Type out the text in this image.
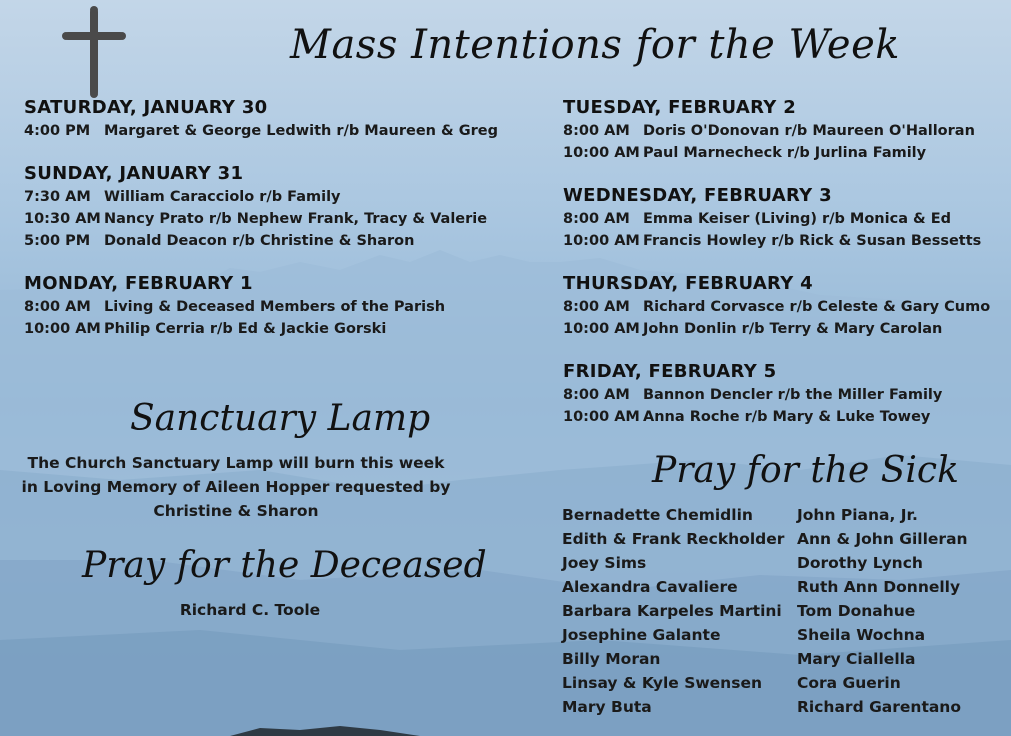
Mass Intentions for the Week
SATURDAY, JANUARY 30
4:00 PM Margaret & George Ledwith r/b Maureen & Greg
SUNDAY, JANUARY 31
7:30 AM William Caracciolo r/b Family
10:30 AM Nancy Prato r/b Nephew Frank, Tracy & Valerie
5:00 PM Donald Deacon r/b Christine & Sharon
MONDAY, FEBRUARY 1
8:00 AM Living & Deceased Members of the Parish
10:00 AM Philip Cerria r/b Ed & Jackie Gorski
TUESDAY, FEBRUARY 2
8:00 AM Doris O'Donovan r/b Maureen O'Halloran
10:00 AM Paul Marnecheck r/b Jurlina Family
WEDNESDAY, FEBRUARY 3
8:00 AM Emma Keiser (Living) r/b Monica & Ed
10:00 AM Francis Howley r/b Rick & Susan Bessetts
THURSDAY, FEBRUARY 4
8:00 AM Richard Corvasce r/b Celeste & Gary Cumo
10:00 AM John Donlin r/b Terry & Mary Carolan
FRIDAY, FEBRUARY 5
8:00 AM Bannon Dencler r/b the Miller Family
10:00 AM Anna Roche r/b Mary & Luke Towey
Sanctuary Lamp
The Church Sanctuary Lamp will burn this week
in Loving Memory of Aileen Hopper requested by
Christine & Sharon
Pray for the Deceased
Richard C. Toole
Pray for the Sick
Bernadette Chemidlin
Edith & Frank Reckholder
Joey Sims
Alexandra Cavaliere
Barbara Karpeles Martini
Josephine Galante
Billy Moran
Linsay & Kyle Swensen
Mary Buta
John Piana, Jr.
Ann & John Gilleran
Dorothy Lynch
Ruth Ann Donnelly
Tom Donahue
Sheila Wochna
Mary Ciallella
Cora Guerin
Richard Garentano
